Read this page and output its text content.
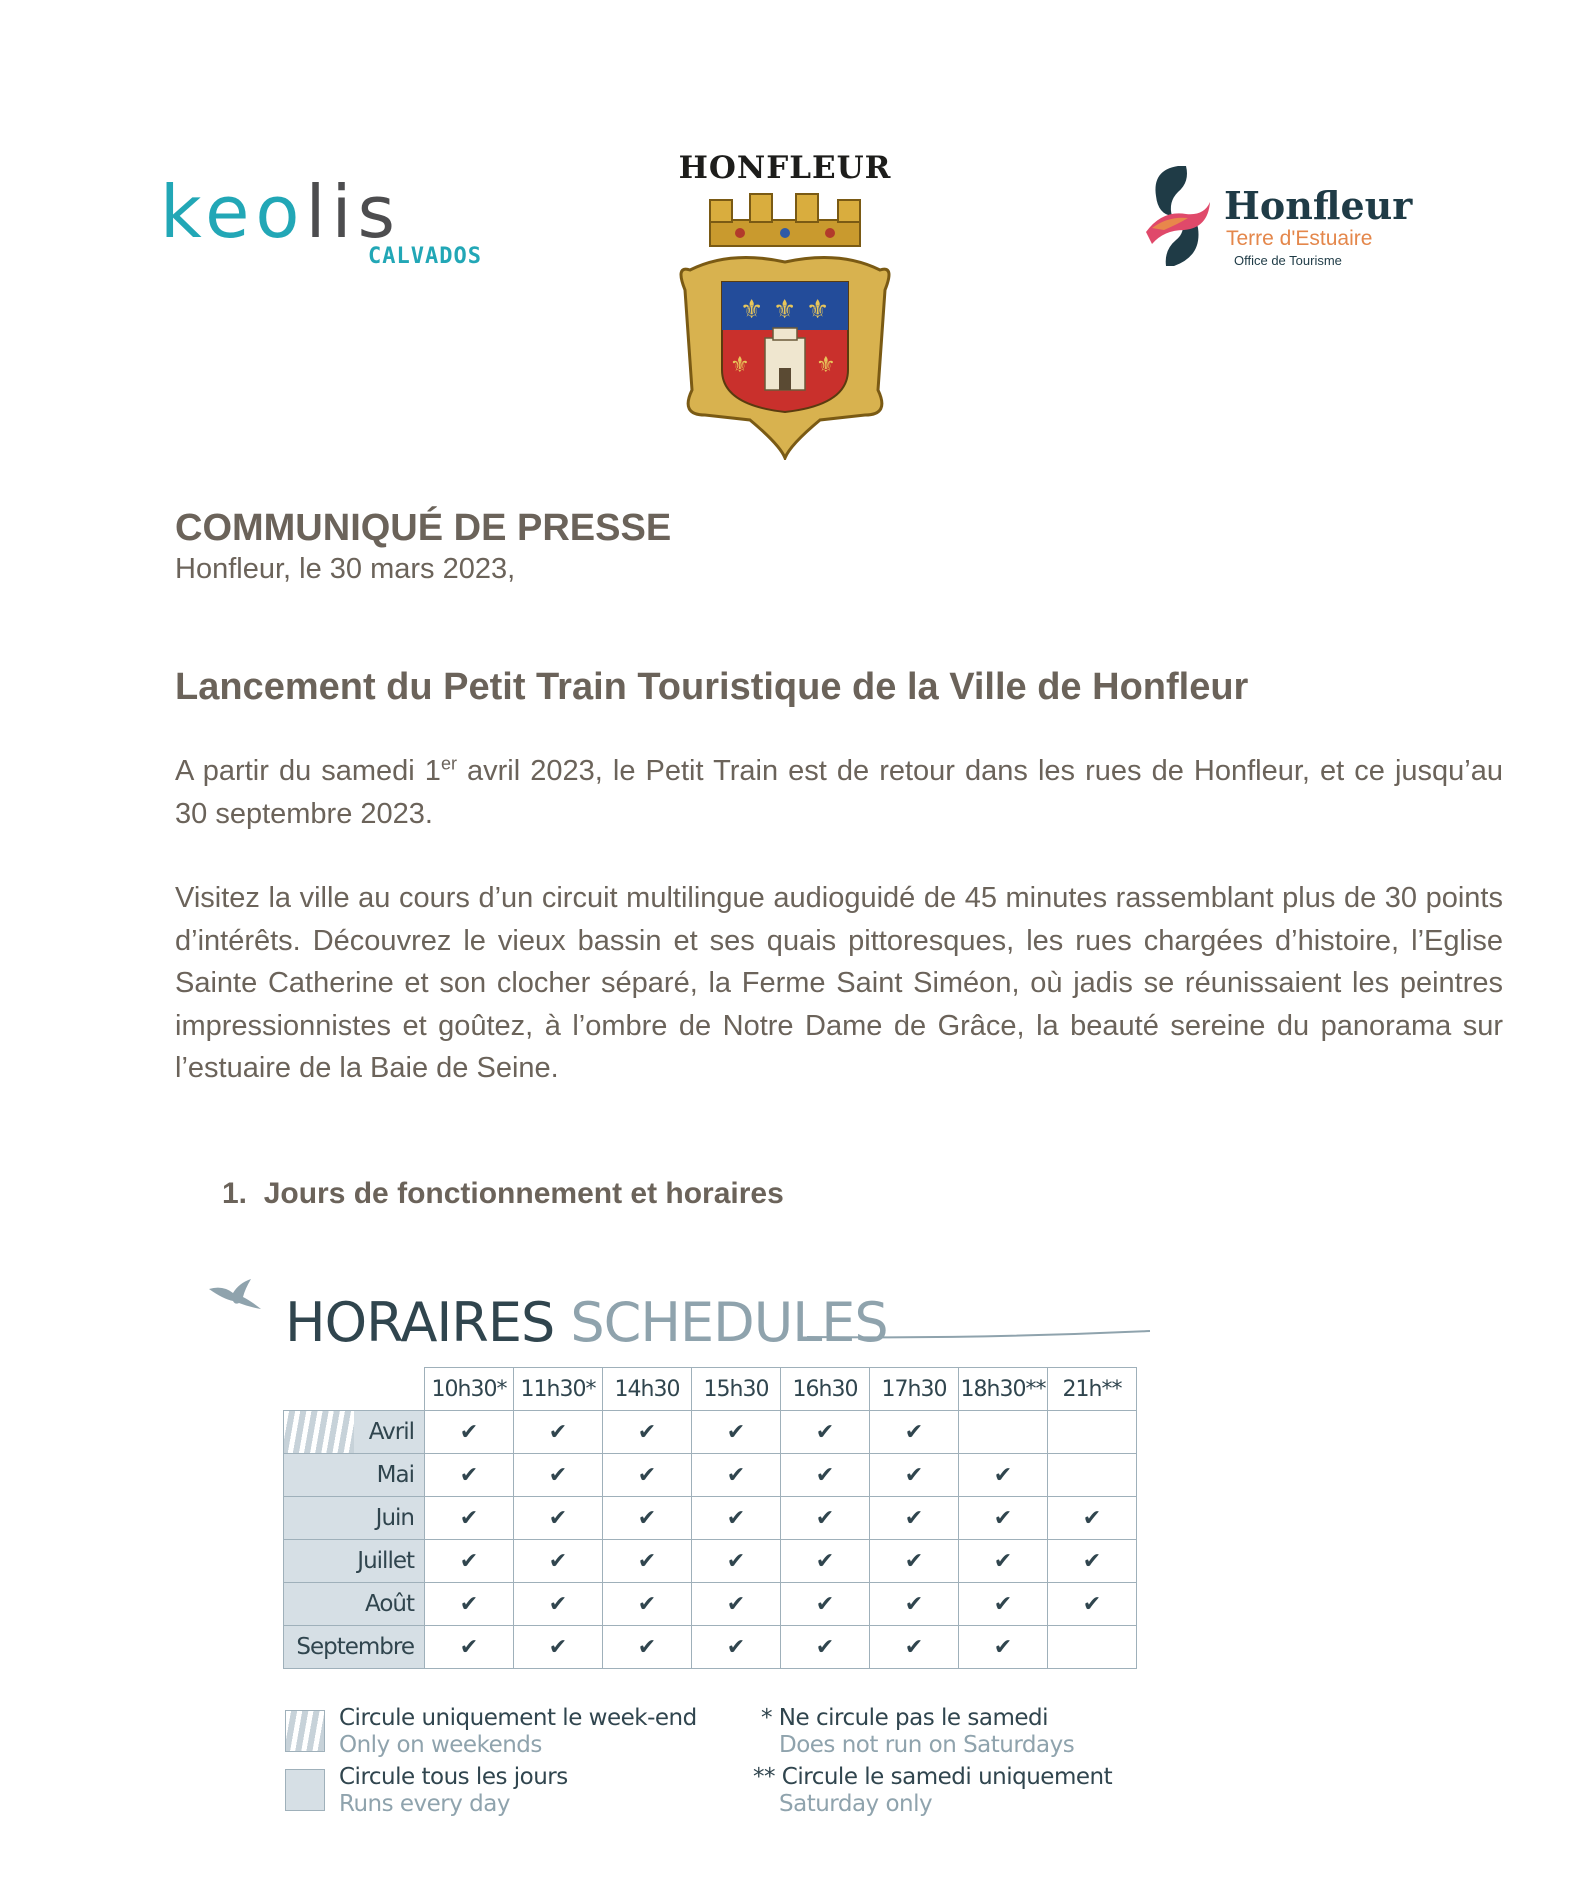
keolis
CALVADOS
HONFLEUR
⚜ ⚜ ⚜
⚜	⚜
Honfleur
Terre d'Estuaire
Office de Tourisme
COMMUNIQUÉ DE PRESSE
Honfleur, le 30 mars 2023,
Lancement du Petit Train Touristique de la Ville de Honfleur

A partir du samedi 1er avril 2023, le Petit Train est de retour dans les rues de Honfleur, et ce jusqu’au 30 septembre 2023.

Visitez la ville au cours d’un circuit multilingue audioguidé de 45 minutes rassemblant plus de 30 points d’intérêts. Découvrez le vieux bassin et ses quais pittoresques, les rues chargées d’histoire, l’Eglise Sainte Catherine et son clocher séparé, la Ferme Saint Siméon, où jadis se réunissaient les peintres impressionnistes et goûtez, à l’ombre de Notre Dame de Grâce, la beauté sereine du panorama sur l’estuaire de la Baie de Seine.

1. Jours de fonctionnement et horaires
HORAIRES SCHEDULES
	10h30*	11h30*	14h30	15h30	16h30	17h30	18h30**	21h**
Avril	✔	✔	✔	✔	✔	✔		
Mai	✔	✔	✔	✔	✔	✔	✔	
Juin	✔	✔	✔	✔	✔	✔	✔	✔
Juillet	✔	✔	✔	✔	✔	✔	✔	✔
Août	✔	✔	✔	✔	✔	✔	✔	✔
Septembre	✔	✔	✔	✔	✔	✔	✔	
Circule uniquement le week-end
Only on weekends
Circule tous les jours
Runs every day
* Ne circule pas le samedi
Does not run on Saturdays
** Circule le samedi uniquement
Saturday only
